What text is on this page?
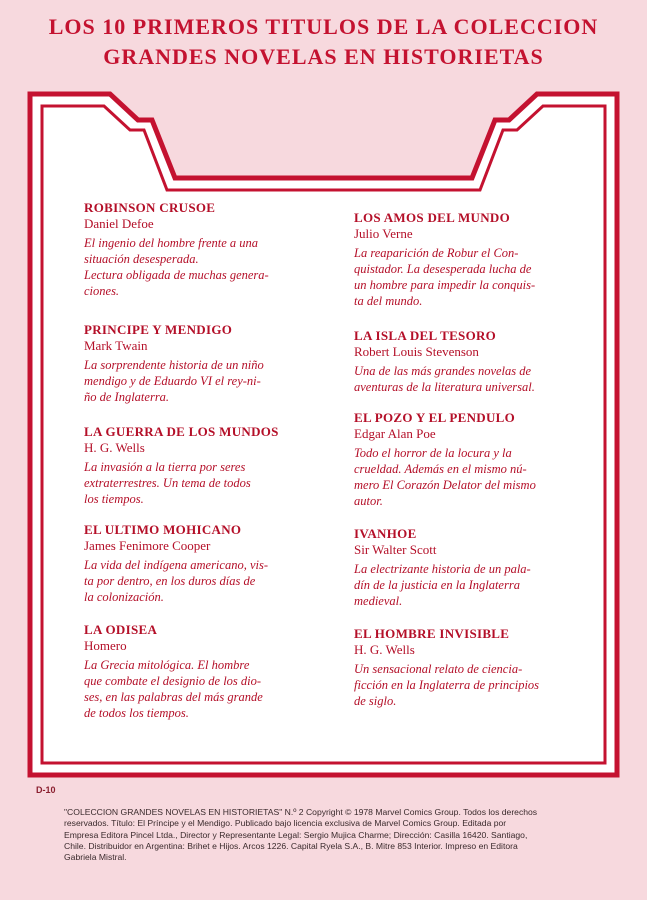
LOS 10 PRIMEROS TITULOS DE LA COLECCION
GRANDES NOVELAS EN HISTORIETAS
ROBINSON CRUSOE
Daniel Defoe
El ingenio del hombre frente a una
situación desesperada.
Lectura obligada de muchas genera-
ciones.
PRINCIPE Y MENDIGO
Mark Twain
La sorprendente historia de un niño
mendigo y de Eduardo VI el rey-ni-
ño de Inglaterra.
LA GUERRA DE LOS MUNDOS
H. G. Wells
La invasión a la tierra por seres
extraterrestres. Un tema de todos
los tiempos.
EL ULTIMO MOHICANO
James Fenimore Cooper
La vida del indígena americano, vis-
ta por dentro, en los duros días de
la colonización.
LA ODISEA
Homero
La Grecia mitológica. El hombre
que combate el designio de los dio-
ses, en las palabras del más grande
de todos los tiempos.
LOS AMOS DEL MUNDO
Julio Verne
La reaparición de Robur el Con-
quistador. La desesperada lucha de
un hombre para impedir la conquis-
ta del mundo.
LA ISLA DEL TESORO
Robert Louis Stevenson
Una de las más grandes novelas de
aventuras de la literatura universal.
EL POZO Y EL PENDULO
Edgar Alan Poe
Todo el horror de la locura y la
crueldad. Además en el mismo nú-
mero El Corazón Delator del mismo
autor.
IVANHOE
Sir Walter Scott
La electrizante historia de un pala-
dín de la justicia en la Inglaterra
medieval.
EL HOMBRE INVISIBLE
H. G. Wells
Un sensacional relato de ciencia-
ficción en la Inglaterra de principios
de siglo.
D-10
"COLECCION GRANDES NOVELAS EN HISTORIETAS" N.º 2 Copyright © 1978 Marvel Comics Group. Todos los derechos
reservados. Título: El Príncipe y el Mendigo. Publicado bajo licencia exclusiva de Marvel Comics Group. Editada por
Empresa Editora Pincel Ltda., Director y Representante Legal: Sergio Mujica Charme; Dirección: Casilla 16420. Santiago,
Chile. Distribuidor en Argentina: Brihet e Hijos. Arcos 1226. Capital Ryela S.A., B. Mitre 853 Interior. Impreso en Editora
Gabriela Mistral.
